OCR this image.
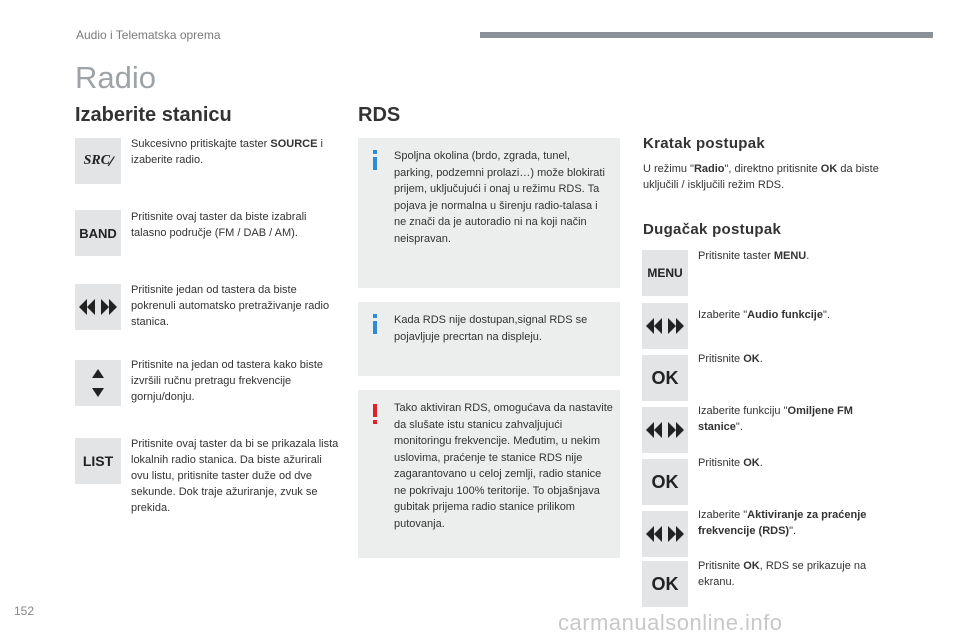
Audio i Telematska oprema
Radio
Izaberite stanicu
SRC ⁄
Sukcesivno pritiskajte taster SOURCE i izaberite radio.
BAND
Pritisnite ovaj taster da biste izabrali talasno područje (FM / DAB / AM).
Pritisnite jedan od tastera da biste pokrenuli automatsko pretraživanje radio stanica.
Pritisnite na jedan od tastera kako biste izvršili ručnu pretragu frekvencije gornju/donju.
LIST
Pritisnite ovaj taster da bi se prikazala lista lokalnih radio stanica. Da biste ažurirali ovu listu, pritisnite taster duže od dve sekunde. Dok traje ažuriranje, zvuk se prekida.
RDS
Spoljna okolina (brdo, zgrada, tunel, parking, podzemni prolazi…) može blokirati prijem, uključujući i onaj u režimu RDS. Ta pojava je normalna u širenju radio-talasa i ne znači da je autoradio ni na koji način neispravan.
Kada RDS nije dostupan,signal RDS se pojavljuje precrtan na displeju.
Tako aktiviran RDS, omogućava da nastavite da slušate istu stanicu zahvaljujući monitoringu frekvencije. Međutim, u nekim uslovima, praćenje te stanice RDS nije zagarantovano u celoj zemlji, radio stanice ne pokrivaju 100% teritorije. To objašnjava gubitak prijema radio stanice prilikom putovanja.
Kratak postupak
U režimu "Radio", direktno pritisnite OK da biste uključili / isključili režim RDS.
Dugačak postupak
MENU
Pritisnite taster MENU.
Izaberite "Audio funkcije".
OK
Pritisnite OK.
Izaberite funkciju "Omiljene FM stanice".
OK
Pritisnite OK.
Izaberite "Aktiviranje za praćenje frekvencije (RDS)".
OK
Pritisnite OK, RDS se prikazuje na ekranu.
152	carmanualsonline.info
